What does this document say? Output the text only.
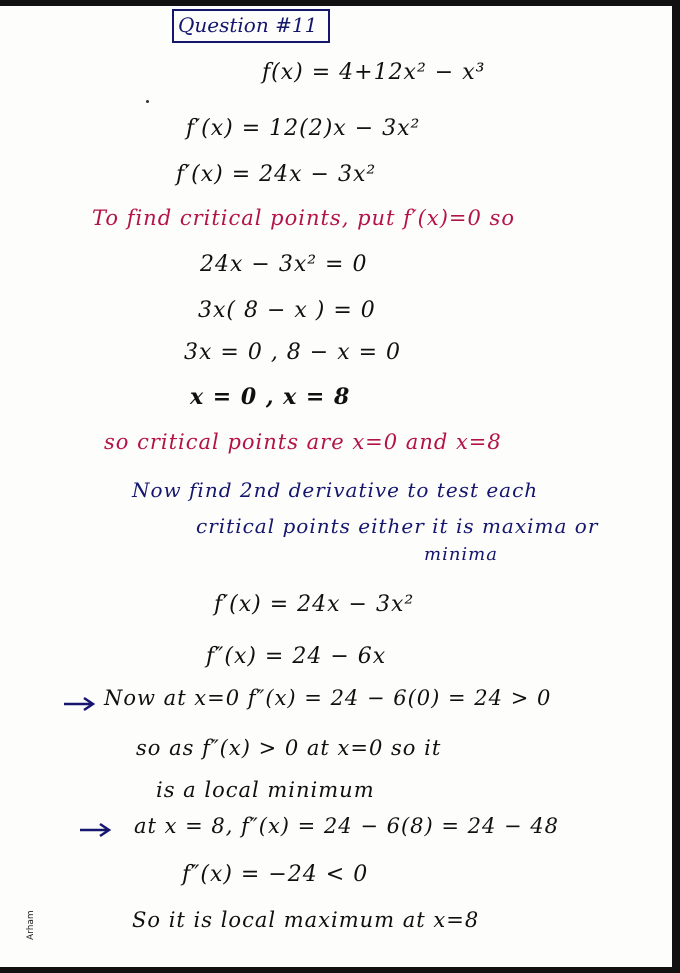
Question #11
f(x) = 4+12x² − x³
f′(x) = 12(2)x − 3x²
f′(x) = 24x − 3x²
To find critical points, put f′(x)=0 so
24x − 3x² = 0
3x( 8 − x ) = 0
3x = 0 , 8 − x = 0
x = 0 , x = 8
so critical points are x=0 and x=8
Now find 2nd derivative to test each
critical points either it is maxima or
minima
f′(x) = 24x − 3x²
f″(x) = 24 − 6x
Now at x=0 f″(x) = 24 − 6(0) = 24 > 0
so as f″(x) > 0 at x=0 so it
is a local minimum
at x = 8, f″(x) = 24 − 6(8) = 24 − 48
f″(x) = −24 < 0
So it is local maximum at x=8
Arham
